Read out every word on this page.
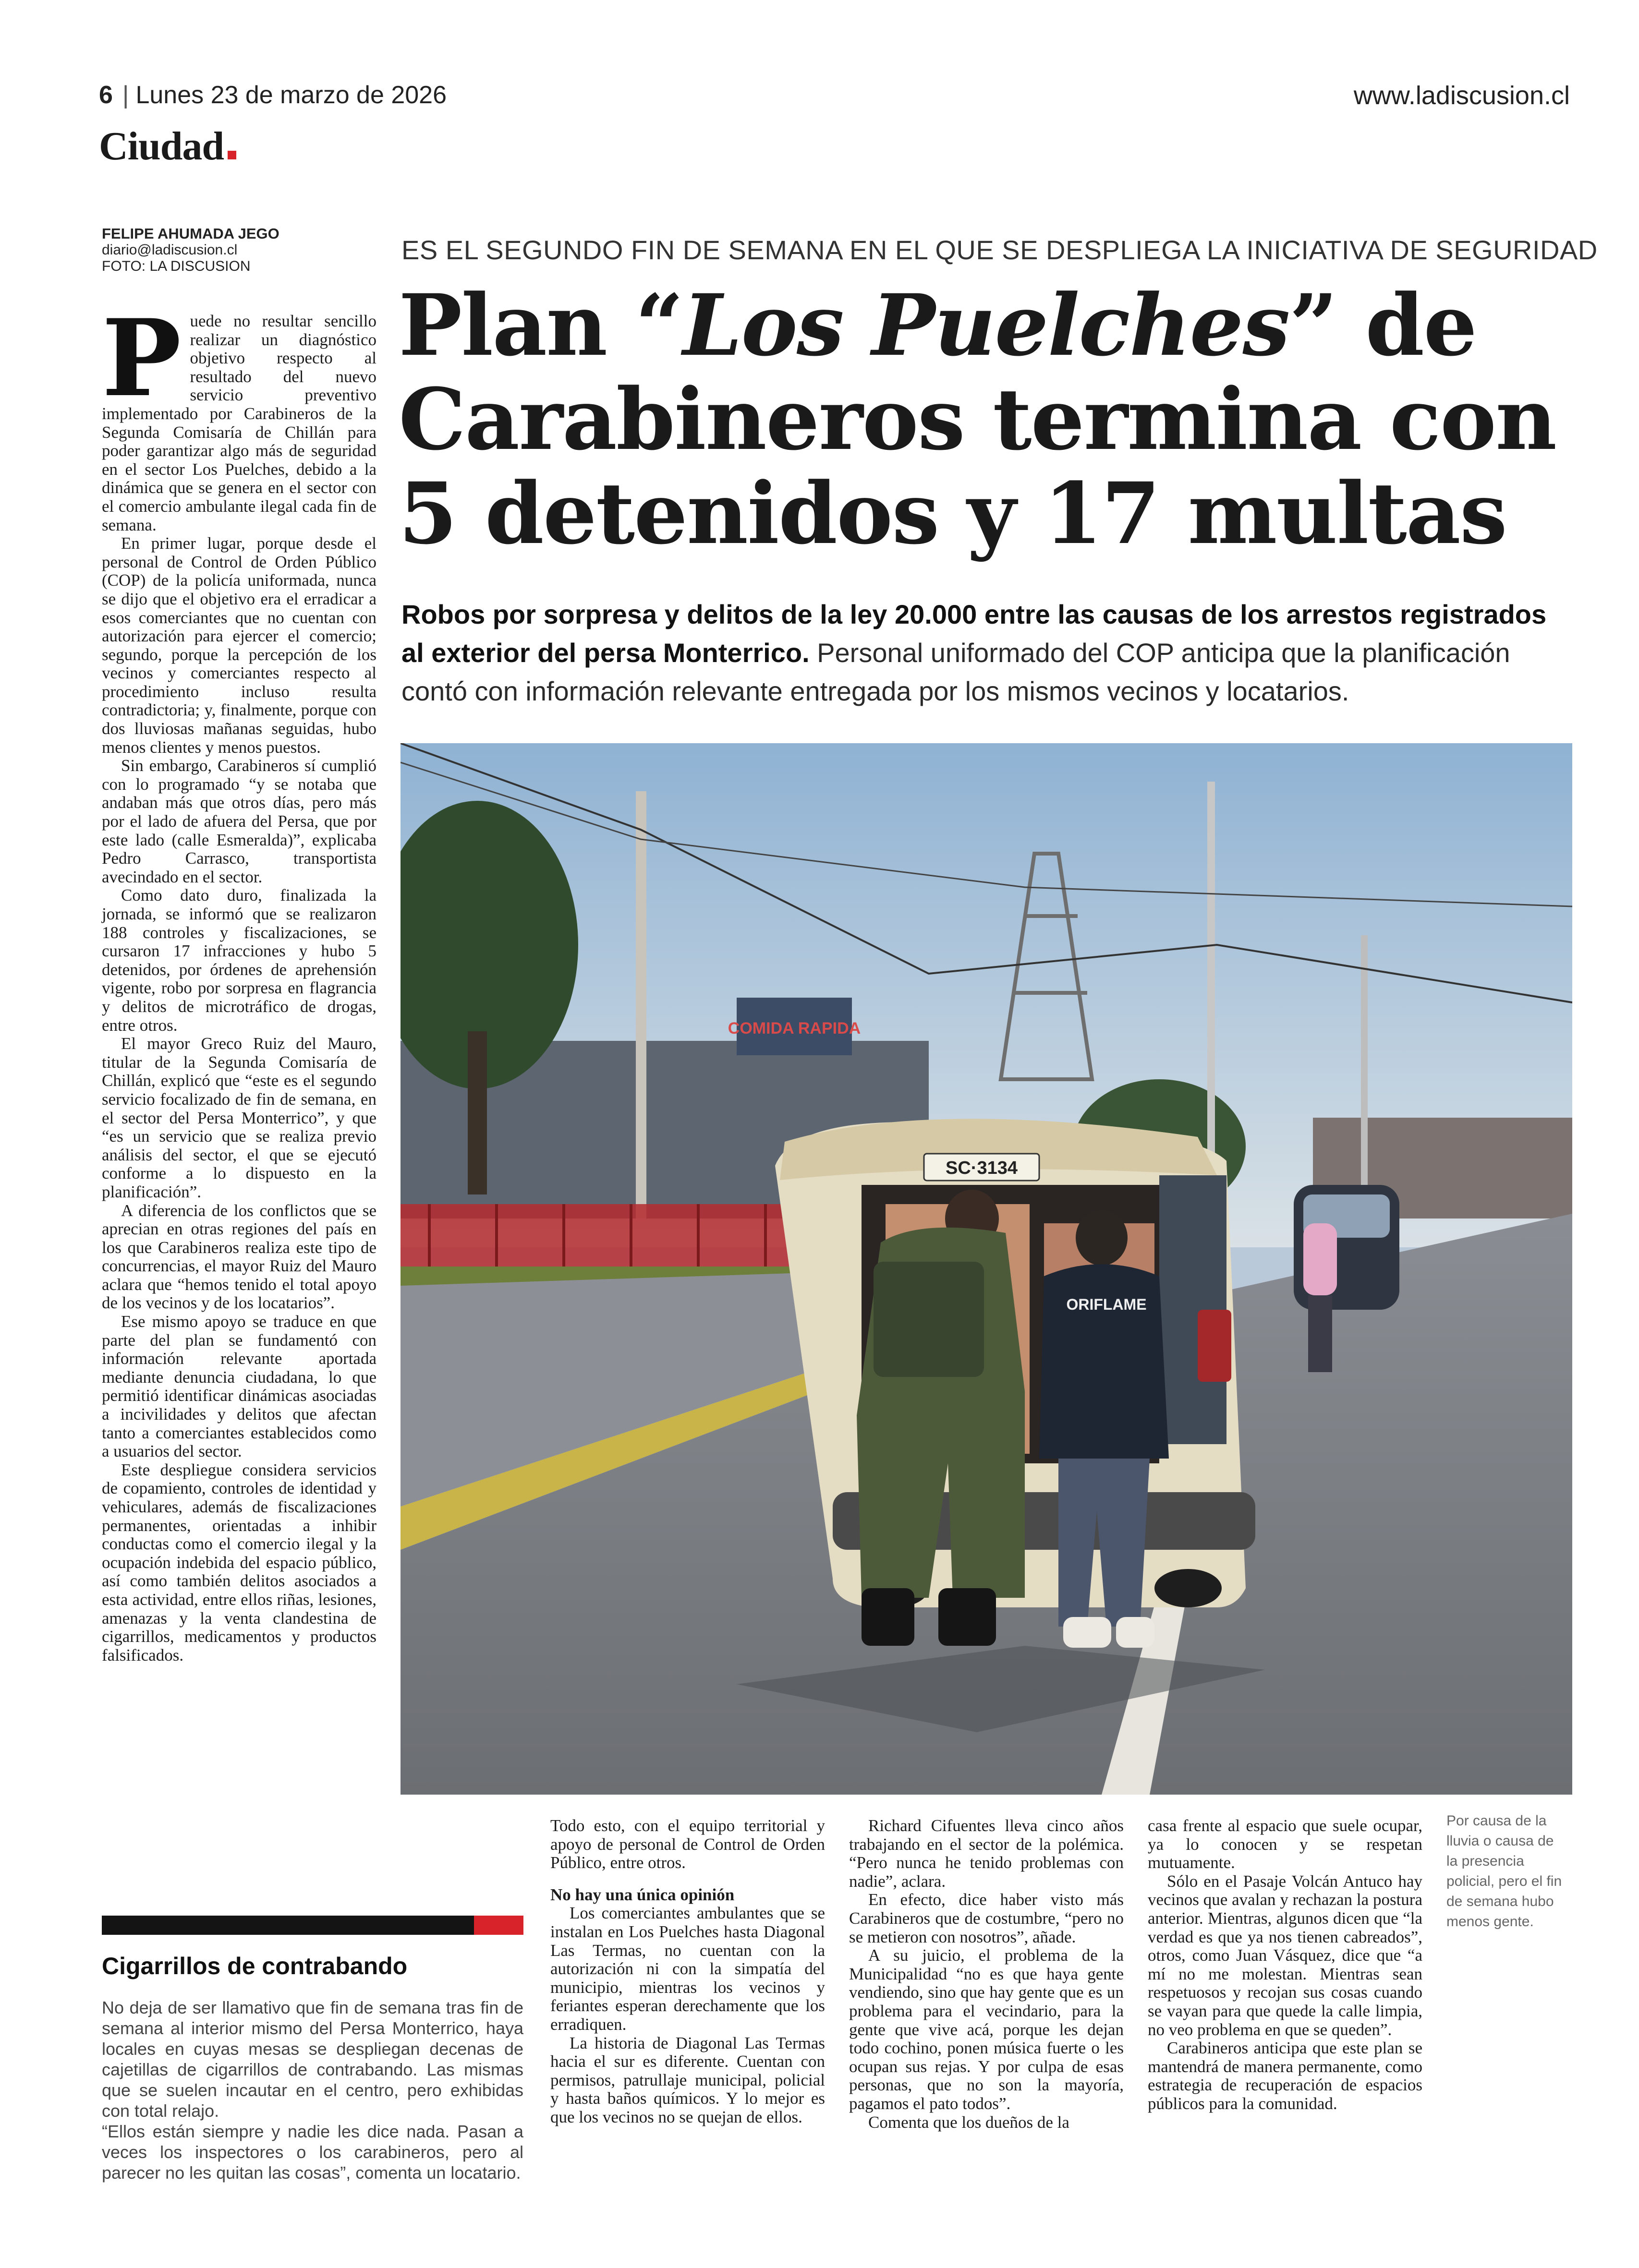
6 | Lunes 23 de marzo de 2026	www.ladiscusion.cl
Ciudad
FELIPE AHUMADA JEGO
diario@ladiscusion.cl
FOTO: LA DISCUSION
ES EL SEGUNDO FIN DE SEMANA EN EL QUE SE DESPLIEGA LA INICIATIVA DE SEGURIDAD
Plan “Los Puelches” de Carabineros termina con 5 detenidos y 17 multas

Robos por sorpresa y delitos de la ley 20.000 entre las causas de los arrestos registrados al exterior del persa Monterrico. Personal uniformado del COP anticipa que la planificación contó con información relevante entregada por los mismos vecinos y locatarios.

COMIDA RAPIDA
SC·3134
ORIFLAME
P uede no resultar sencillo realizar un diagnóstico objetivo respecto al resultado del nuevo servicio preventivo implementado por Carabineros de la Segunda Comisaría de Chillán para poder garantizar algo más de seguridad en el sector Los Puelches, debido a la dinámica que se genera en el sector con el comercio ambulante ilegal cada fin de semana.

En primer lugar, porque desde el personal de Control de Orden Público (COP) de la policía uniformada, nunca se dijo que el objetivo era el erradicar a esos comerciantes que no cuentan con autorización para ejercer el comercio; segundo, porque la percepción de los vecinos y comerciantes respecto al procedimiento incluso resulta contradictoria; y, finalmente, porque con dos lluviosas mañanas seguidas, hubo menos clientes y menos puestos.

Sin embargo, Carabineros sí cumplió con lo programado “y se notaba que andaban más que otros días, pero más por el lado de afuera del Persa, que por este lado (calle Esmeralda)”, explicaba Pedro Carrasco, transportista avecindado en el sector.

Como dato duro, finalizada la jornada, se informó que se realizaron 188 controles y fiscalizaciones, se cursaron 17 infracciones y hubo 5 detenidos, por órdenes de aprehensión vigente, robo por sorpresa en flagrancia y delitos de microtráfico de drogas, entre otros.

El mayor Greco Ruiz del Mauro, titular de la Segunda Comisaría de Chillán, explicó que “este es el segundo servicio focalizado de fin de semana, en el sector del Persa Monterrico”, y que “es un servicio que se realiza previo análisis del sector, el que se ejecutó conforme a lo dispuesto en la planificación”.

A diferencia de los conflictos que se aprecian en otras regiones del país en los que Carabineros realiza este tipo de concurrencias, el mayor Ruiz del Mauro aclara que “hemos tenido el total apoyo de los vecinos y de los locatarios”.

Ese mismo apoyo se traduce en que parte del plan se fundamentó con información relevante aportada mediante denuncia ciudadana, lo que permitió identificar dinámicas asociadas a incivilidades y delitos que afectan tanto a comerciantes establecidos como a usuarios del sector.

Este despliegue considera servicios de copamiento, controles de identidad y vehiculares, además de fiscalizaciones permanentes, orientadas a inhibir conductas como el comercio ilegal y la ocupación indebida del espacio público, así como también delitos asociados a esta actividad, entre ellos riñas, lesiones, amenazas y la venta clandestina de cigarrillos, medicamentos y productos falsificados.

Todo esto, con el equipo territorial y apoyo de personal de Control de Orden Público, entre otros.

No hay una única opinión

Los comerciantes ambulantes que se instalan en Los Puelches hasta Diagonal Las Termas, no cuentan con la autorización ni con la simpatía del municipio, mientras los vecinos y feriantes esperan derechamente que los erradiquen.

La historia de Diagonal Las Termas hacia el sur es diferente. Cuentan con permisos, patrullaje municipal, policial y hasta baños químicos. Y lo mejor es que los vecinos no se quejan de ellos.

Richard Cifuentes lleva cinco años trabajando en el sector de la polémica. “Pero nunca he tenido problemas con nadie”, aclara.

En efecto, dice haber visto más Carabineros que de costumbre, “pero no se metieron con nosotros”, añade.

A su juicio, el problema de la Municipalidad “no es que haya gente vendiendo, sino que hay gente que es un problema para el vecindario, para la gente que vive acá, porque les dejan todo cochino, ponen música fuerte o les ocupan sus rejas. Y por culpa de esas personas, que no son la mayoría, pagamos el pato todos”.

Comenta que los dueños de la

casa frente al espacio que suele ocupar, ya lo conocen y se respetan mutuamente.

Sólo en el Pasaje Volcán Antuco hay vecinos que avalan y rechazan la postura anterior. Mientras, algunos dicen que “la verdad es que ya nos tienen cabreados”, otros, como Juan Vásquez, dice que “a mí no me molestan. Mientras sean respetuosos y recojan sus cosas cuando se vayan para que quede la calle limpia, no veo problema en que se queden”.

Carabineros anticipa que este plan se mantendrá de manera permanente, como estrategia de recuperación de espacios públicos para la comunidad.

Por causa de la lluvia o causa de la presencia policial, pero el fin de semana hubo menos gente.
Cigarrillos de contrabando

No deja de ser llamativo que fin de semana tras fin de semana al interior mismo del Persa Monterrico, haya locales en cuyas mesas se despliegan decenas de cajetillas de cigarrillos de contrabando. Las mismas que se suelen incautar en el centro, pero exhibidas con total relajo.

“Ellos están siempre y nadie les dice nada. Pasan a veces los inspectores o los carabineros, pero al parecer no les quitan las cosas”, comenta un locatario.
